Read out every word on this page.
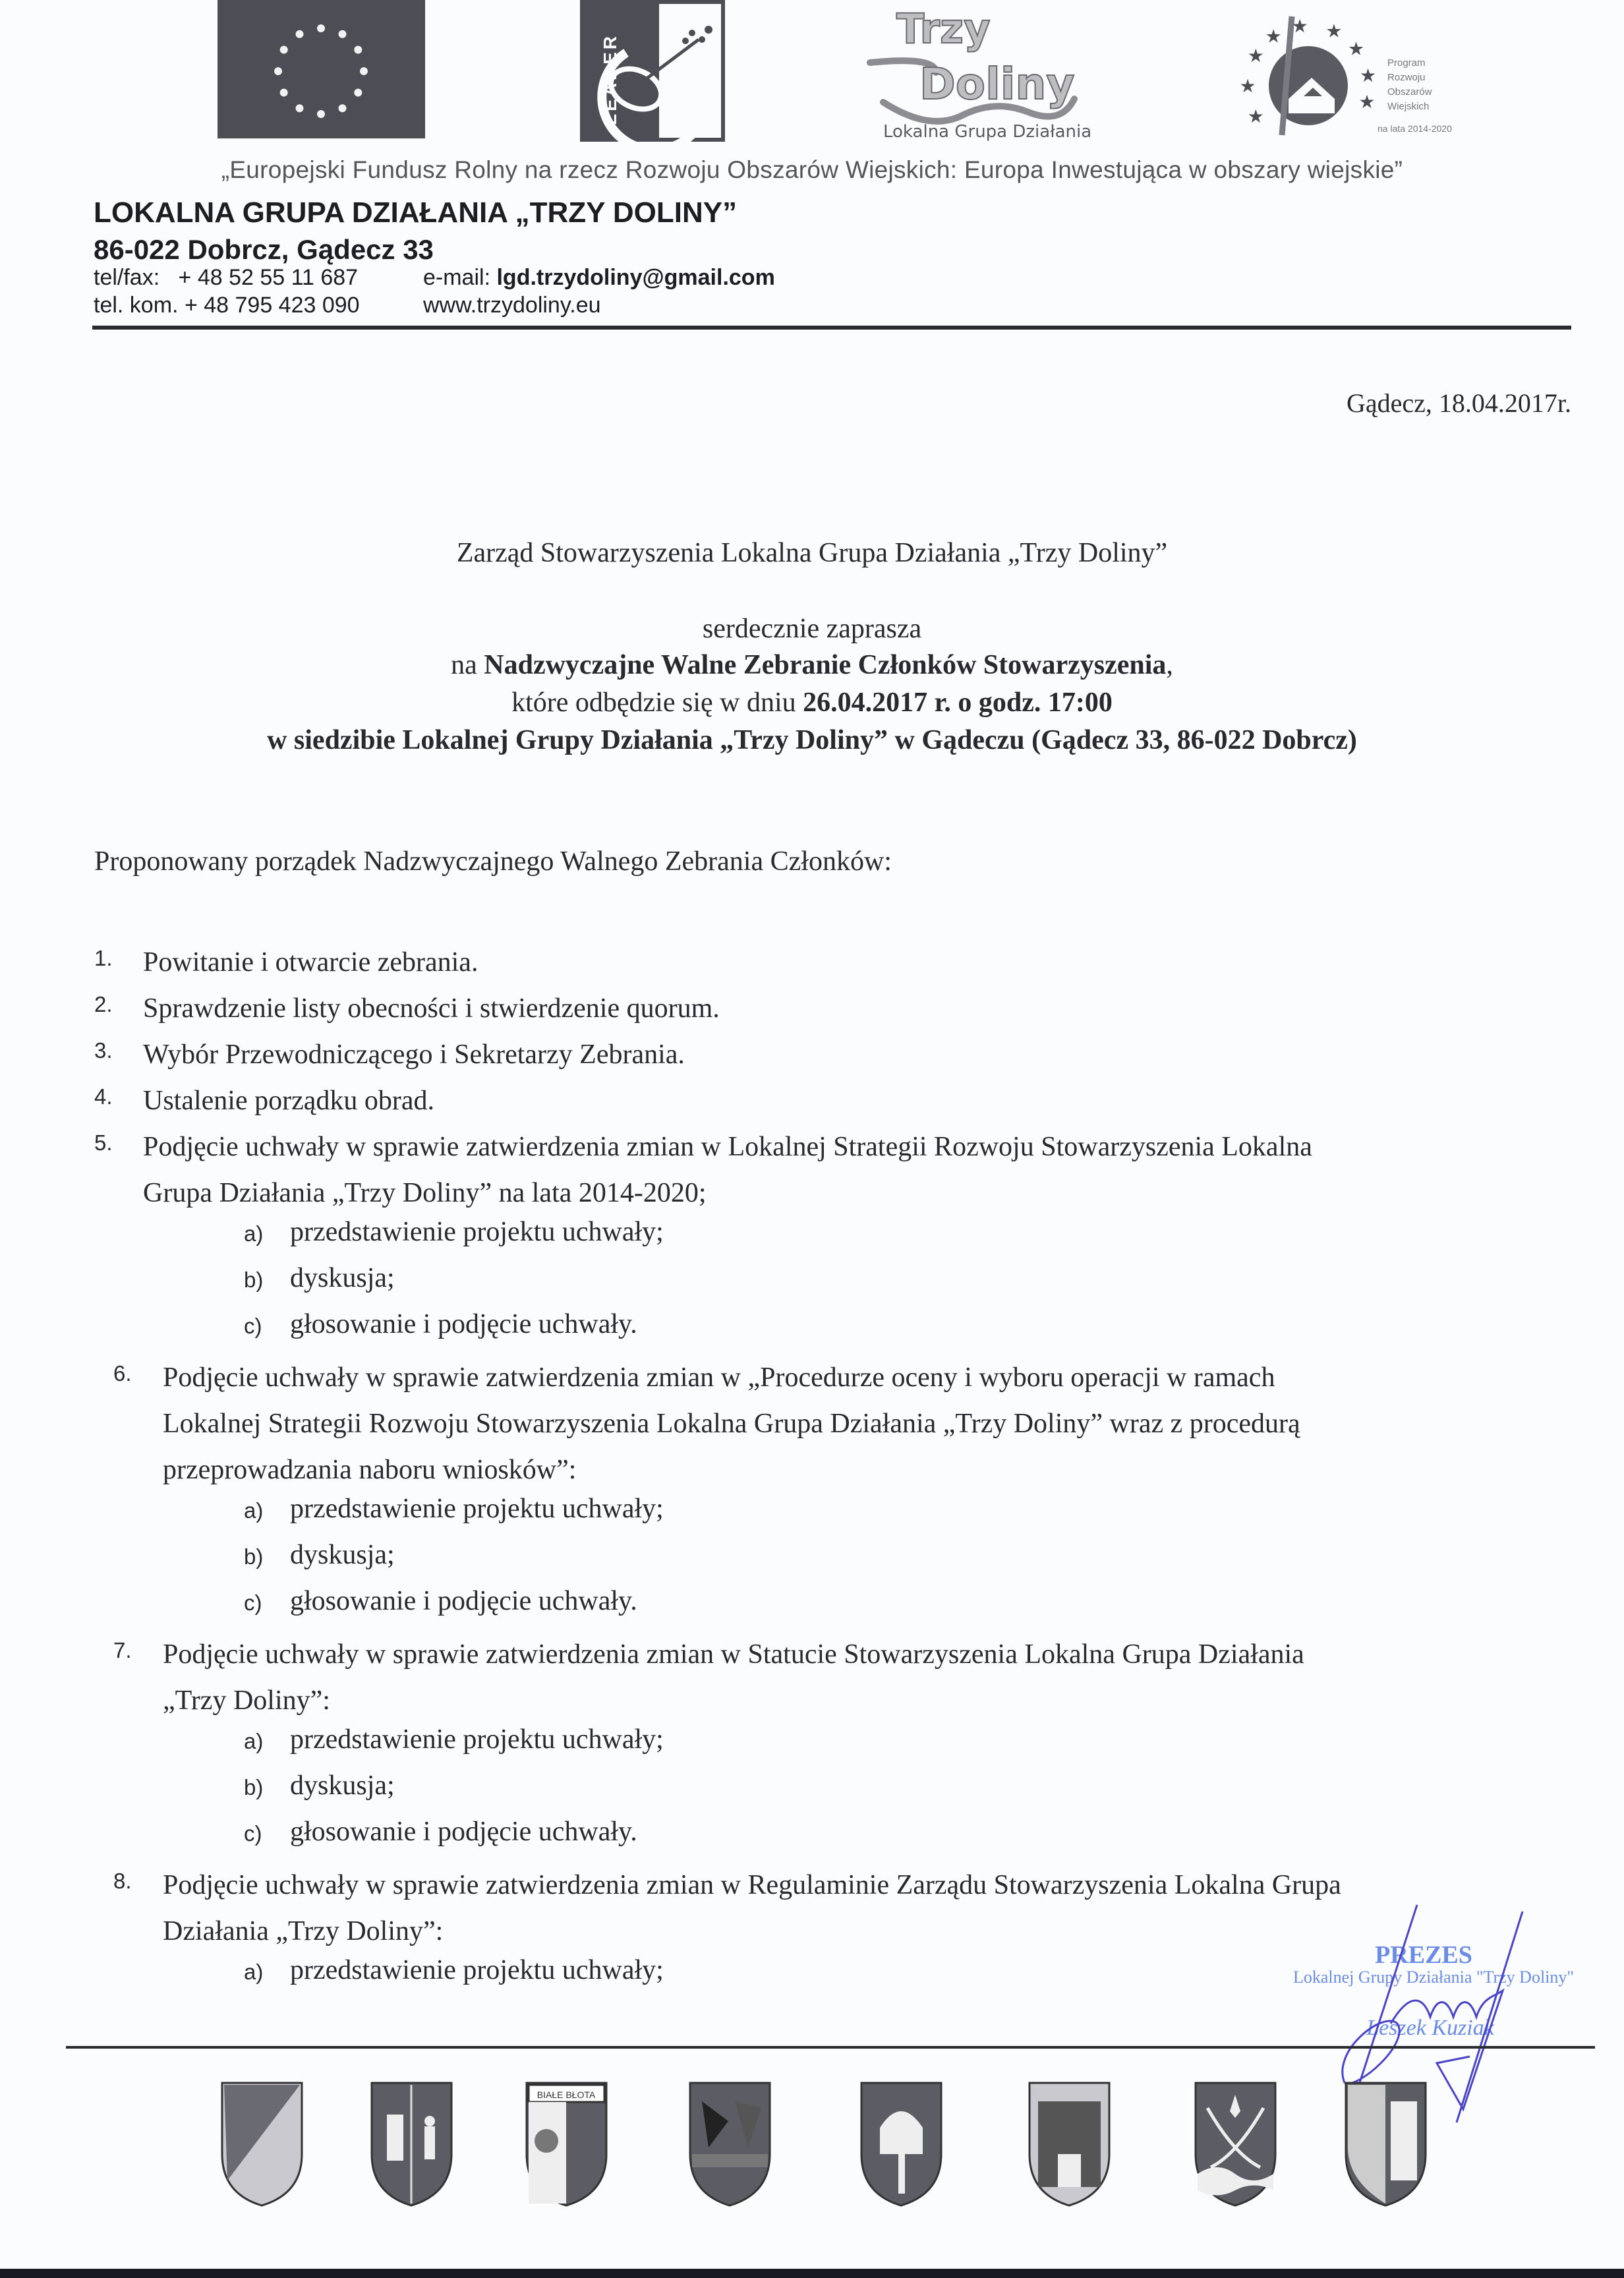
LEADER
Trzy
Doliny
Lokalna Grupa Działania
★
★
★
★
★ ★
★
★
★
Program
Rozwoju
Obszarów
Wiejskich
na lata 2014-2020
„Europejski Fundusz Rolny na rzecz Rozwoju Obszarów Wiejskich: Europa Inwestująca w obszary wiejskie”
LOKALNA GRUPA DZIAŁANIA „TRZY DOLINY”
86-022 Dobrcz, Gądecz 33
tel/fax: + 48 52 55 11 687	e-mail: lgd.trzydoliny@gmail.com
tel. kom. + 48 795 423 090	www.trzydoliny.eu
Gądecz, 18.04.2017r.
Zarząd Stowarzyszenia Lokalna Grupa Działania „Trzy Doliny”
serdecznie zaprasza
na Nadzwyczajne Walne Zebranie Członków Stowarzyszenia,
które odbędzie się w dniu 26.04.2017 r. o godz. 17:00
w siedzibie Lokalnej Grupy Działania „Trzy Doliny” w Gądeczu (Gądecz 33, 86-022 Dobrcz)
Proponowany porządek Nadzwyczajnego Walnego Zebrania Członków:
1. Powitanie i otwarcie zebrania.
2. Sprawdzenie listy obecności i stwierdzenie quorum.
3. Wybór Przewodniczącego i Sekretarzy Zebrania.
4. Ustalenie porządku obrad.
5. Podjęcie uchwały w sprawie zatwierdzenia zmian w Lokalnej Strategii Rozwoju Stowarzyszenia Lokalna
Grupa Działania „Trzy Doliny” na lata 2014-2020;
a) przedstawienie projektu uchwały;
b) dyskusja;
c) głosowanie i podjęcie uchwały.
6. Podjęcie uchwały w sprawie zatwierdzenia zmian w „Procedurze oceny i wyboru operacji w ramach
Lokalnej Strategii Rozwoju Stowarzyszenia Lokalna Grupa Działania „Trzy Doliny” wraz z procedurą
przeprowadzania naboru wniosków”:
a) przedstawienie projektu uchwały;
b) dyskusja;
c) głosowanie i podjęcie uchwały.
7. Podjęcie uchwały w sprawie zatwierdzenia zmian w Statucie Stowarzyszenia Lokalna Grupa Działania
„Trzy Doliny”:
a) przedstawienie projektu uchwały;
b) dyskusja;
c) głosowanie i podjęcie uchwały.
8. Podjęcie uchwały w sprawie zatwierdzenia zmian w Regulaminie Zarządu Stowarzyszenia Lokalna Grupa
Działania „Trzy Doliny”:
a) przedstawienie projektu uchwały;	PREZES
Lokalnej Grupy Działania "Trzy Doliny"
Leszek Kuziak
BIAŁE BŁOTA
